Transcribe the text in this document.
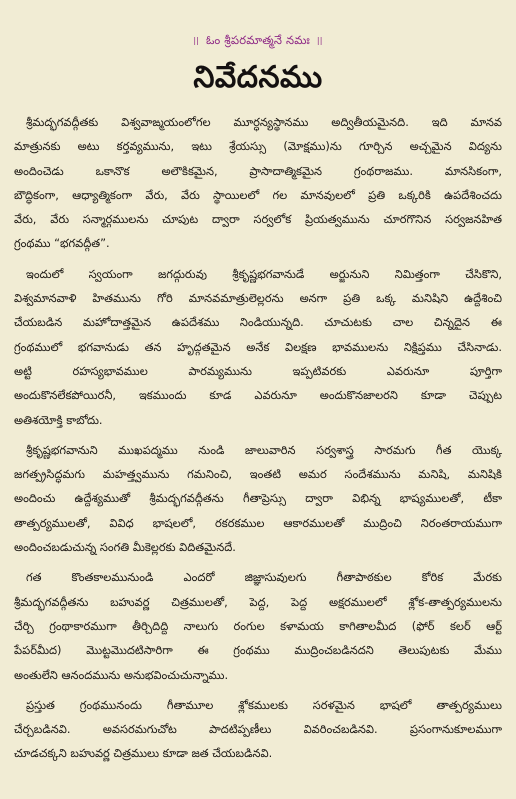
|| ఓం శ్రీపరమాత్మనే నమః ||
నివేదనము
శ్రీమద్భగవద్గీతకు విశ్వవాఙ్మయంలోగల మూర్ధన్యస్థానము అద్వితీయమైనది. ఇది మానవ
మాత్రునకు అటు కర్తవ్యమును, ఇటు శ్రేయస్సు (మోక్షము)ను గూర్చిన అచ్చమైన విద్యను
అందించెడు ఒకానొక అలౌకికమైన, ప్రాసాదాత్మికమైన గ్రంథరాజము. మానసికంగా,
బౌద్ధికంగా, ఆధ్యాత్మికంగా వేరు, వేరు స్థాయిలలో గల మానవులలో ప్రతి ఒక్కరికి ఉపదేశించదు
వేరు, వేరు సన్మార్గములను చూపుట ద్వారా సర్వలోక ప్రియత్వమును చూరగొనిన సర్వజనహిత
గ్రంథము “భగవద్గీత”.
ఇందులో స్వయంగా జగద్గురువు శ్రీకృష్ణభగవానుడే అర్జునుని నిమిత్తంగా చేసికొని,
విశ్వమానవాళి హితమును గోరి మానవమాత్రులెల్లరను అనగా ప్రతి ఒక్క మనిషిని ఉద్దేశించి
చేయబడిన మహోదాత్తమైన ఉపదేశము నిండియున్నది. చూచుటకు చాల చిన్నదైన ఈ
గ్రంథములో భగవానుడు తన హృద్గతమైన అనేక విలక్షణ భావములను నిక్షిప్తము చేసినాడు.
అట్టి రహస్యభావముల పారమ్యమును ఇప్పటివరకు ఎవరునూ పూర్తిగా
అందుకొనలేకపోయిరనీ, ఇకముందు కూడ ఎవరునూ అందుకొనజాలరని కూడా చెప్పుట
అతిశయోక్తి కాబోదు.
శ్రీకృష్ణభగవానుని ముఖపద్మము నుండి జాలువారిన సర్వశాస్త్ర సారమగు గీత యొక్క
జగత్ప్రసిద్ధమగు మహత్త్వమును గమనించి, ఇంతటి అమర సందేశమును మనిషి, మనిషికి
అందించు ఉద్దేశ్యముతో శ్రీమద్భగవద్గీతను గీతాప్రెస్సు ద్వారా విభిన్న భాష్యములతో, టీకా
తాత్పర్యములతో, వివిధ భాషలలో, రకరకముల ఆకారములతో ముద్రించి నిరంతరాయముగా
అందించబడుచున్న సంగతి మీకెల్లరకు విదితమైనదే.
గత కొంతకాలమునుండి ఎందరో జిజ్ఞాసువులగు గీతాపాఠకుల కోరిక మేరకు
శ్రీమద్భగవద్గీతను బహువర్ణ చిత్రములతో, పెద్ద, పెద్ద అక్షరములలో శ్లోక-తాత్పర్యములను
చేర్చి గ్రంథాకారముగా తీర్చిదిద్ది నాలుగు రంగుల కళామయ కాగితాలమీద (ఫోర్ కలర్ ఆర్ట్
పేపర్‌మీద) మొట్టమొదటిసారిగా ఈ గ్రంథము ముద్రించబడినదని తెలుపుటకు మేము
అంతులేని ఆనందమును అనుభవించుచున్నాము.
ప్రస్తుత గ్రంథమునందు గీతామూల శ్లోకములకు సరళమైన భాషలో తాత్పర్యములు
చేర్చబడినవి. అవసరమగుచోట పాదటిప్పణీలు వివరించబడినవి. ప్రసంగానుకూలముగా
చూడచక్కని బహువర్ణ చిత్రములు కూడా జత చేయబడినవి.
